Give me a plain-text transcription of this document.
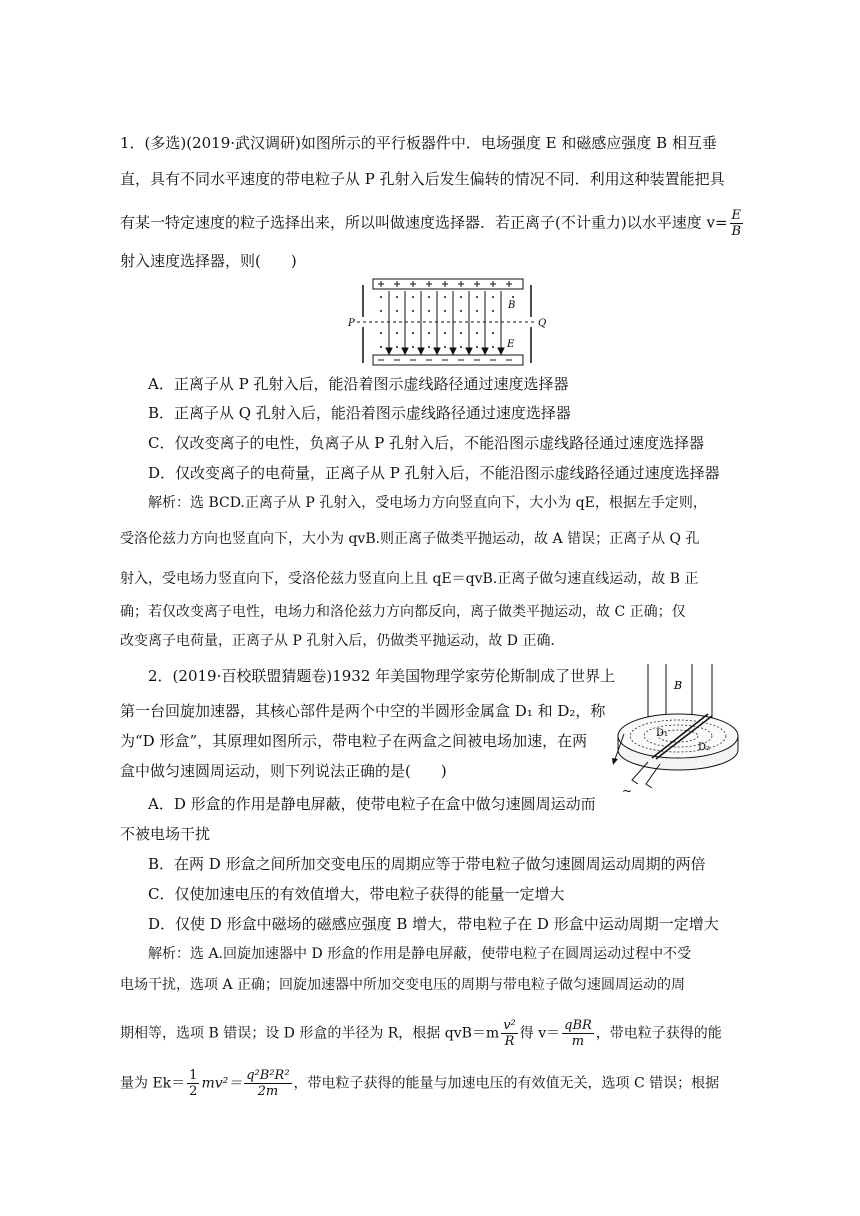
1．(多选)(2019·武汉调研)如图所示的平行板器件中．电场强度 E 和磁感应强度 B 相互垂
直，具有不同水平速度的带电粒子从 P 孔射入后发生偏转的情况不同．利用这种装置能把具
有某一特定速度的粒子选择出来，所以叫做速度选择器．若正离子(不计重力)以水平速度 $v= \frac{E}{B}$
射入速度选择器，则(　　)
B
E
P	Q
A．正离子从 P 孔射入后，能沿着图示虚线路径通过速度选择器
B．正离子从 Q 孔射入后，能沿着图示虚线路径通过速度选择器
C．仅改变离子的电性，负离子从 P 孔射入后，不能沿图示虚线路径通过速度选择器
D．仅改变离子的电荷量，正离子从 P 孔射入后，不能沿图示虚线路径通过速度选择器
解析：选 BCD.正离子从 P 孔射入，受电场力方向竖直向下，大小为 qE，根据左手定则，
受洛伦兹力方向也竖直向下，大小为 qvB.则正离子做类平抛运动，故 A 错误；正离子从 Q 孔
射入，受电场力竖直向下，受洛伦兹力竖直向上且 qE＝qvB.正离子做匀速直线运动，故 B 正
确；若仅改变离子电性，电场力和洛伦兹力方向都反向，离子做类平抛运动，故 C 正确；仅
改变离子电荷量，正离子从 P 孔射入后，仍做类平抛运动，故 D 正确．
2．(2019·百校联盟猜题卷)1932 年美国物理学家劳伦斯制成了世界上
第一台回旋加速器，其核心部件是两个中空的半圆形金属盒 D₁ 和 D₂，称
为“D 形盒”，其原理如图所示，带电粒子在两盒之间被电场加速，在两
盒中做匀速圆周运动，则下列说法正确的是(　　)
B
D₁
D₂
~
A．D 形盒的作用是静电屏蔽，使带电粒子在盒中做匀速圆周运动而
不被电场干扰
B．在两 D 形盒之间所加交变电压的周期应等于带电粒子做匀速圆周运动周期的两倍
C．仅使加速电压的有效值增大，带电粒子获得的能量一定增大
D．仅使 D 形盒中磁场的磁感应强度 B 增大，带电粒子在 D 形盒中运动周期一定增大
解析：选 A.回旋加速器中 D 形盒的作用是静电屏蔽，使带电粒子在圆周运动过程中不受
电场干扰，选项 A 正确；回旋加速器中所加交变电压的周期与带电粒子做匀速圆周运动的周
期相等，选项 B 错误；设 D 形盒的半径为 R，根据 $qvB=m \frac{\text{v²}}{R}$ 得 $v= \frac{\text{qBR}}{m}$ ，带电粒子获得的能
量为 $Ek= \frac{1}{2} mv^2= \frac{\text{q²B²R²}}{2m}$ ，带电粒子获得的能量与加速电压的有效值无关，选项 C 错误；根据
